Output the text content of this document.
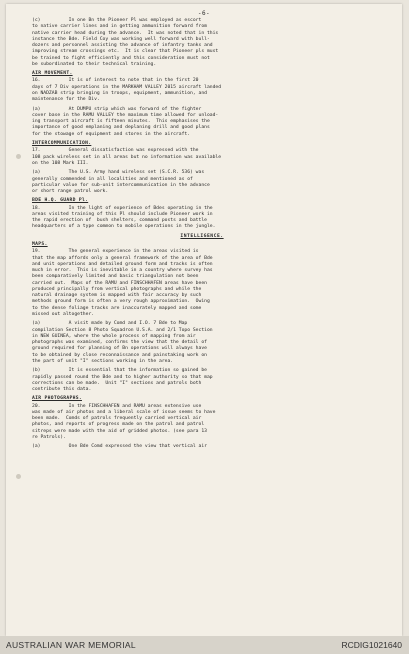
-6-

(c)          In one Bn the Pioneer Pl was employed as escort
to native carrier lines and in getting ammunition forward from
native carrier head during the advance.  It was noted that in this
instance the Bde. Field Coy was working well forward with bull-
dozers and personnel assisting the advance of infantry tanks and
improving stream crossings etc.  It is clear that Pioneer pls must
be trained to fight efficiently and this consideration must not
be subordinated to their technical training.

AIR MOVEMENT.

16.          It is of interest to note that in the first 20
days of 7 Div operations in the MARKHAM VALLEY 2015 aircraft landed
on NADZAB strip bringing in troops, equipment, ammunition, and
maintenance for the Div.

(a)          At DUMPU strip which was forward of the fighter
cover base in the RAMU VALLEY the maximum time allowed for unload-
ing transport aircraft is fifteen minutes.  This emphasises the
importance of good emplaning and deplaning drill and good plans
for the stowage of equipment and stores in the aircraft.

INTERCOMMUNICATION.

17.          General dissatisfaction was expressed with the
108 pack wireless set in all areas but no information was available
on the 108 Mark III.

(a)          The U.S. Army hand wireless set (S.C.R. 536) was
generally commended in all localities and mentioned as of
particular value for sub-unit intercommunication in the advance
or short range patrol work.

BDE H.Q. GUARD Pl.

18.          In the light of experience of Bdes operating in the
areas visited training of this Pl should include Pioneer work in
the rapid erection of  bush shelters, command posts and battle
headquarters of a type common to mobile operations in the jungle.

INTELLIGENCE.

MAPS.

19.          The general experience in the areas visited is
that the map affords only a general framework of the area of Bde
and unit operations and detailed ground form and tracks is often
much in error.  This is inevitable in a country where survey has
been comparatively limited and basic triangulation not been
carried out.  Maps of the RAMU and FINSCHHAFEN areas have been
produced principally from vertical photographs and while the
natural drainage system is mapped with fair accuracy by such
methods ground form is often a very rough approximation.  Owing
to the dense foliage tracks are inaccurately mapped and some
missed out altogether.

(a)          A visit made by Comd and I.O. 7 Bde to Map
compilation Section 8 Photo Squadron U.S.A. and 2/1 Topo Section
in NEW GUINEA, where the whole process of mapping from air
photographs was examined, confirms the view that the detail of
ground required for planning of Bn operations will always have
to be obtained by close reconnaissance and painstaking work on
the part of unit "I" sections working in the area.

(b)          It is essential that the information so gained be
rapidly passed round the Bde and to higher authority so that map
corrections can be made.  Unit "I" sections and patrols both
contribute this data.

AIR PHOTOGRAPHS.

20.          In the FINSCHHAFEN and RAMU areas extensive use
was made of air photos and a liberal scale of issue seems to have
been made.  Comds of patrols frequently carried vertical air
photos, and reports of progress made on the patrol and patrol
sitreps were made with the aid of gridded photos. (see para 13
re Patrols).

(a)          One Bde Comd expressed the view that vertical air

AUSTRALIAN WAR MEMORIAL	RCDIG1021640
